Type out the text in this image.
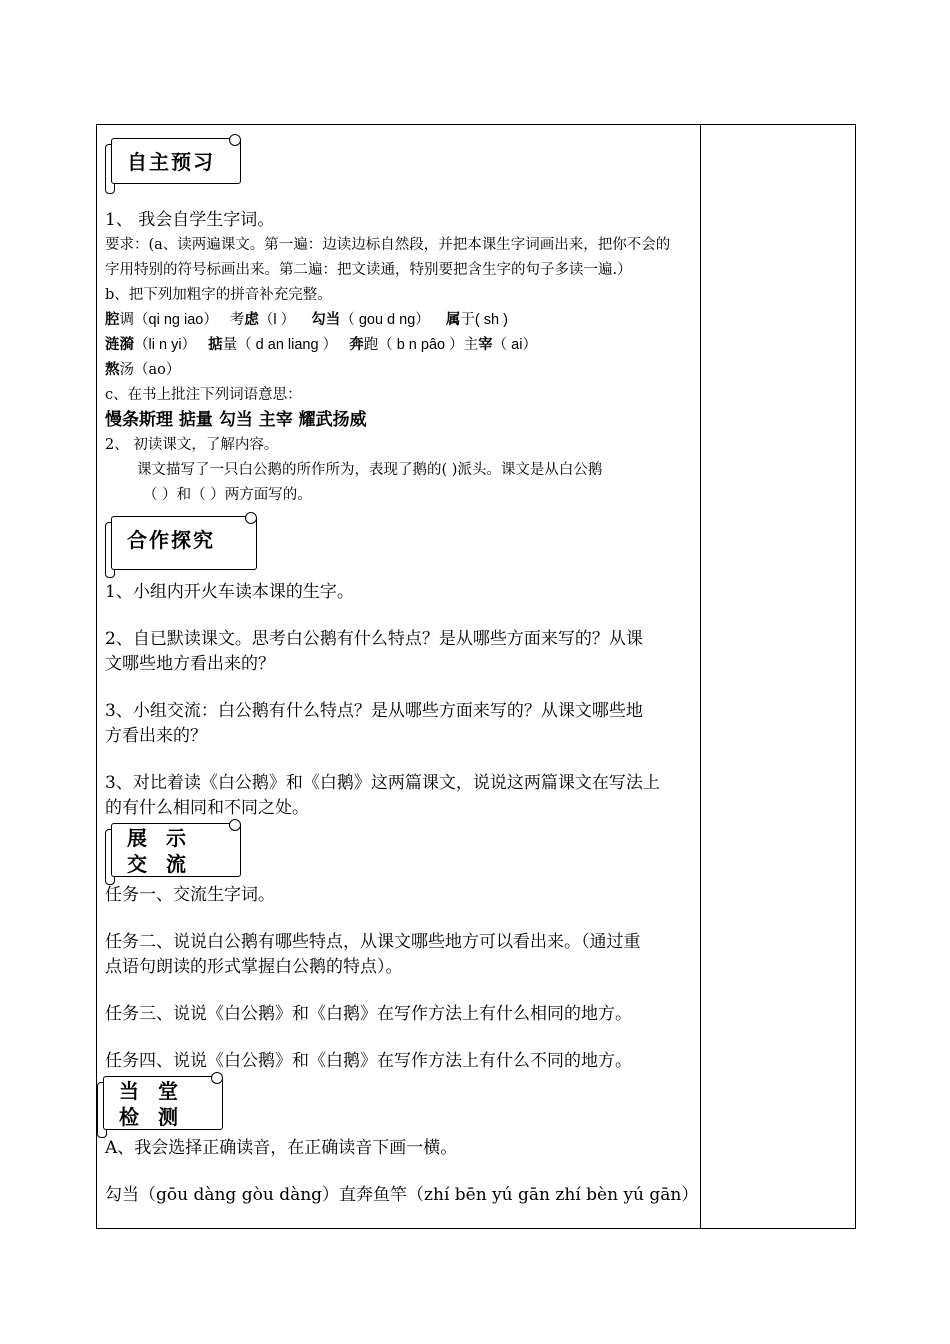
自主预习

1、 我会自学生字词。

要求：(a、读两遍课文。第一遍：边读边标自然段，并把本课生字词画出来，把你不会的

字用特别的符号标画出来。第二遍：把文读通，特别要把含生字的句子多读一遍.）

b、把下列加粗字的拼音补充完整。

腔调（qi ng iao） 考虑（l ） 勾当（ gou d ng） 属于( sh )

涟漪（li n yi） 掂量（ d an liang ） 奔跑（ b n pâo ）主宰（ ai）

熬汤（ao）

c、在书上批注下列词语意思：

慢条斯理 掂量 勾当 主宰 耀武扬威

2、 初读课文，了解内容。

课文描写了一只白公鹅的所作所为，表现了鹅的( )派头。课文是从白公鹅

（ ）和（ ）两方面写的。

合作探究

1、小组内开火车读本课的生字。

2、自已默读课文。思考白公鹅有什么特点？是从哪些方面来写的？从课

文哪些地方看出来的？

3、小组交流：白公鹅有什么特点？是从哪些方面来写的？从课文哪些地

方看出来的？

3、对比着读《白公鹅》和《白鹅》这两篇课文，说说这两篇课文在写法上

的有什么相同和不同之处。

展 示 交 流

任务一、交流生字词。

任务二、说说白公鹅有哪些特点，从课文哪些地方可以看出来。（通过重

点语句朗读的形式掌握白公鹅的特点）。

任务三、说说《白公鹅》和《白鹅》在写作方法上有什么相同的地方。

任务四、说说《白公鹅》和《白鹅》在写作方法上有什么不同的地方。

当 堂 检 测

A、我会选择正确读音，在正确读音下画一横。

勾当（gōu dàng gòu dàng）直奔鱼竿（zhí bēn yú gān zhí bèn yú gān）
